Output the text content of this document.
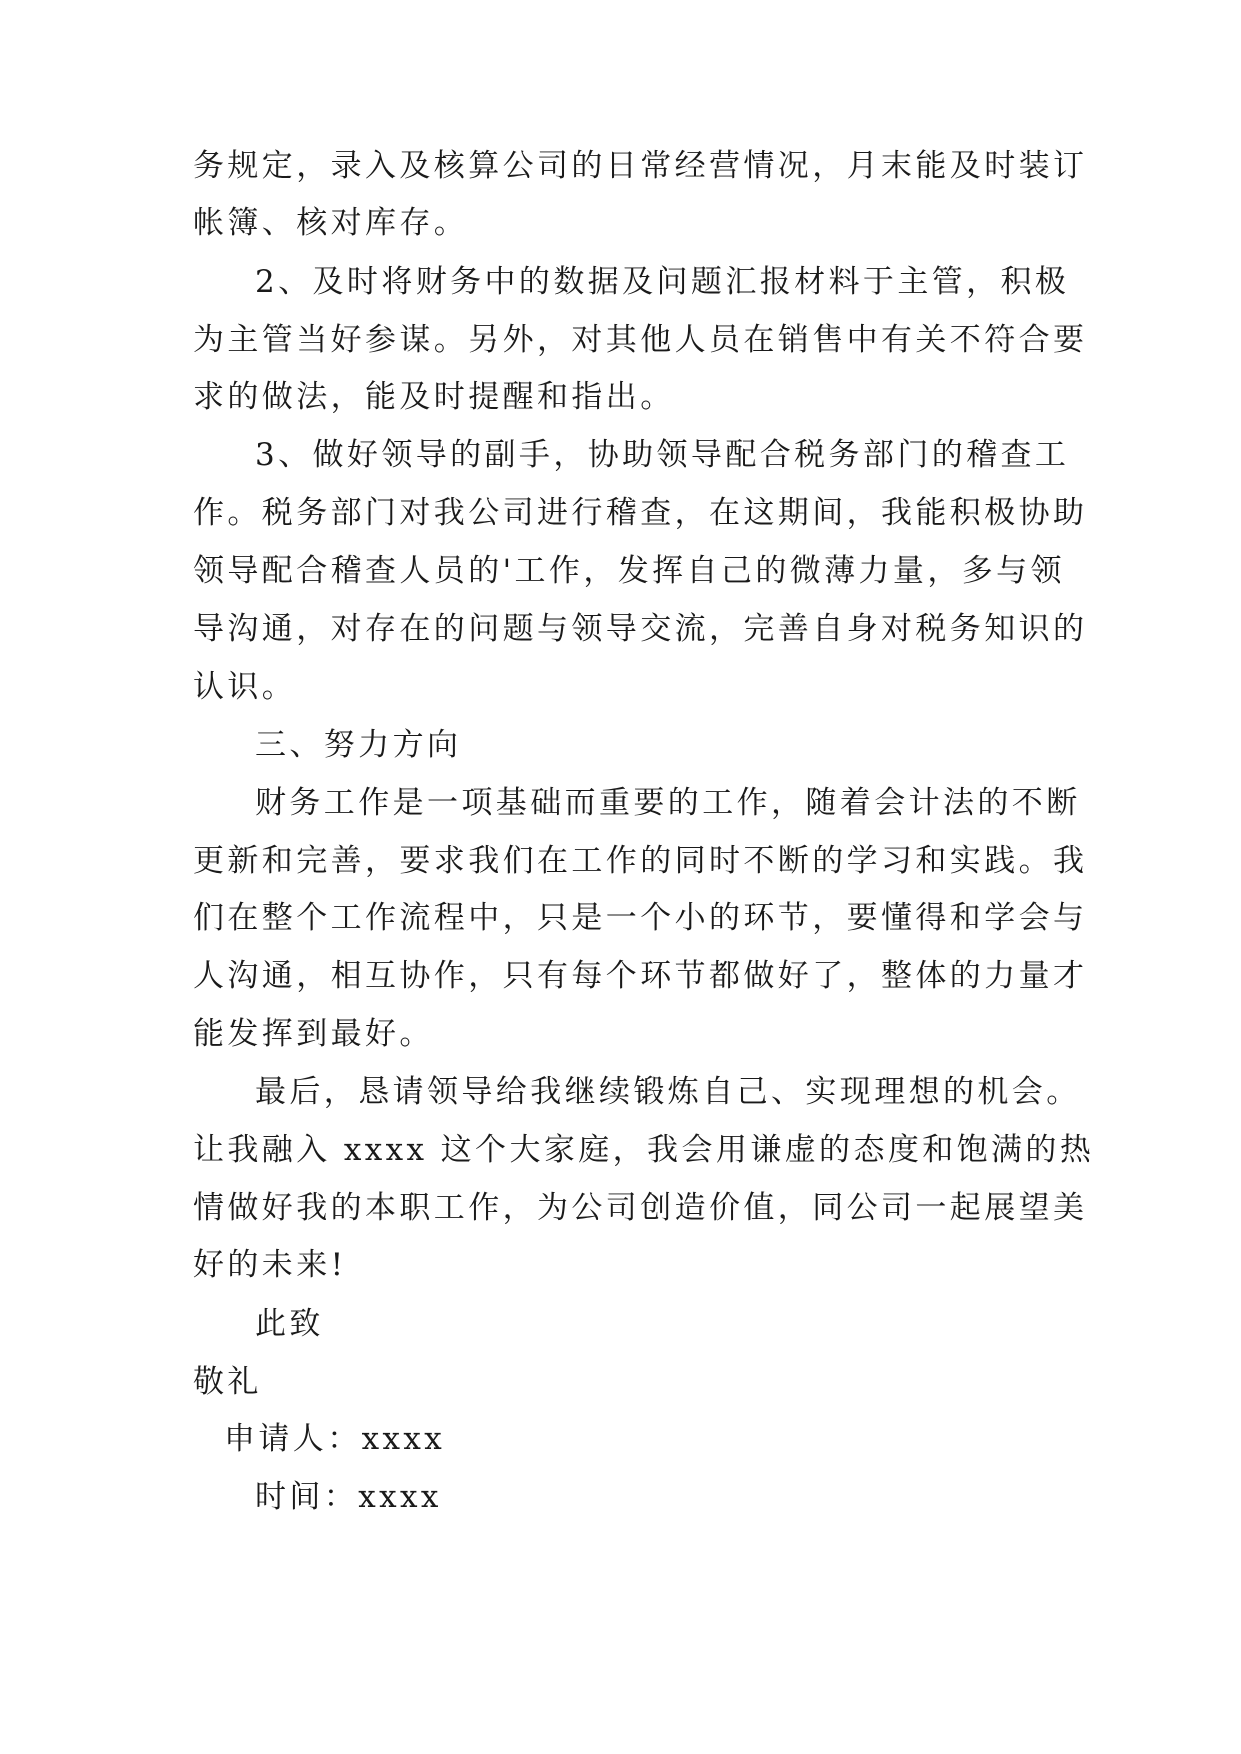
务规定，录入及核算公司的日常经营情况，月末能及时装订
帐簿、核对库存。
2、及时将财务中的数据及问题汇报材料于主管，积极
为主管当好参谋。另外，对其他人员在销售中有关不符合要
求的做法，能及时提醒和指出。
3、做好领导的副手，协助领导配合税务部门的稽查工
作。税务部门对我公司进行稽查，在这期间，我能积极协助
领导配合稽查人员的'工作，发挥自己的微薄力量，多与领
导沟通，对存在的问题与领导交流，完善自身对税务知识的
认识。
三、努力方向
财务工作是一项基础而重要的工作，随着会计法的不断
更新和完善，要求我们在工作的同时不断的学习和实践。我
们在整个工作流程中，只是一个小的环节，要懂得和学会与
人沟通，相互协作，只有每个环节都做好了，整体的力量才
能发挥到最好。
最后，恳请领导给我继续锻炼自己、实现理想的机会。
让我融入 xxxx 这个大家庭，我会用谦虚的态度和饱满的热
情做好我的本职工作，为公司创造价值，同公司一起展望美
好的未来!
此致
敬礼
申请人：xxxx
时间：xxxx
